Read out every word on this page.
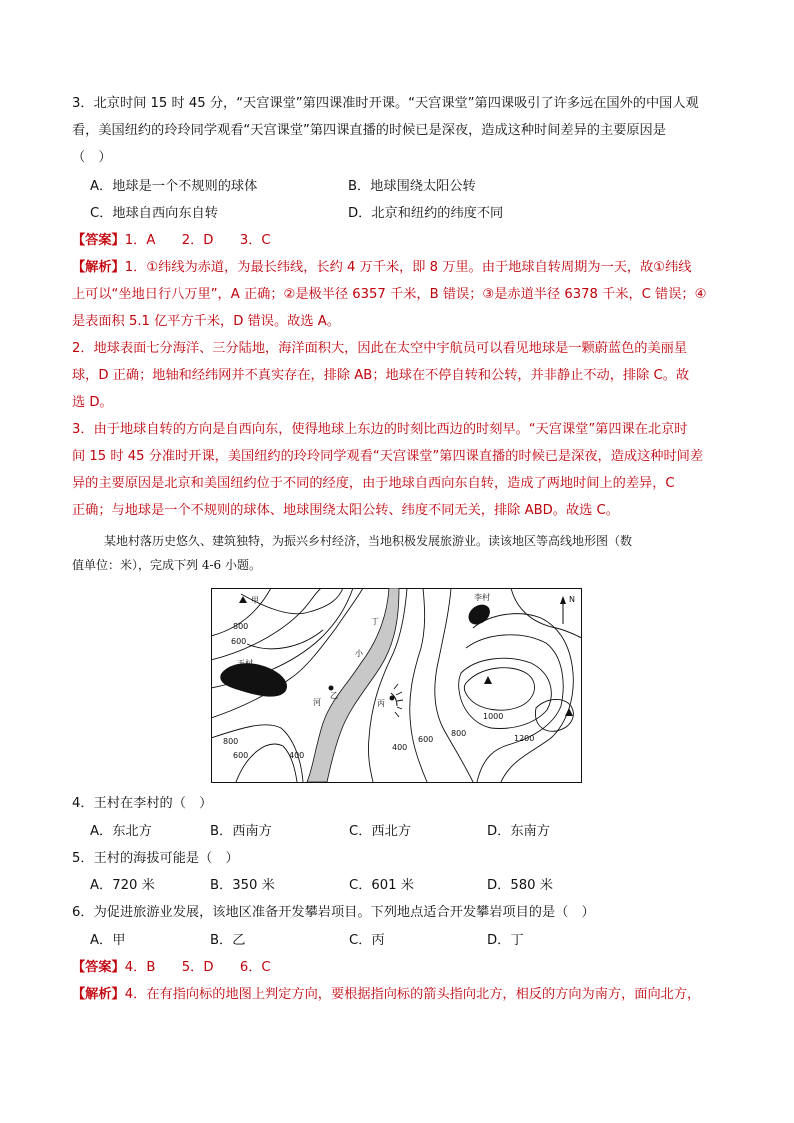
3．北京时间 15 时 45 分，“天宫课堂”第四课准时开课。“天宫课堂”第四课吸引了许多远在国外的中国人观
看，美国纽约的玲玲同学观看“天宫课堂”第四课直播的时候已是深夜，造成这种时间差异的主要原因是
（　）
A．地球是一个不规则的球体	B．地球围绕太阳公转
C．地球自西向东自转	D．北京和纽约的纬度不同
【答案】1．A　　2．D　　3．C
【解析】1．①纬线为赤道，为最长纬线，长约 4 万千米，即 8 万里。由于地球自转周期为一天，故①纬线
上可以“坐地日行八万里”，A 正确；②是极半径 6357 千米，B 错误；③是赤道半径 6378 千米，C 错误；④
是表面积 5.1 亿平方千米，D 错误。故选 A。
2．地球表面七分海洋、三分陆地，海洋面积大，因此在太空中宇航员可以看见地球是一颗蔚蓝色的美丽星
球，D 正确；地轴和经纬网并不真实存在，排除 AB；地球在不停自转和公转，并非静止不动，排除 C。故
选 D。
3．由于地球自转的方向是自西向东，使得地球上东边的时刻比西边的时刻早。“天宫课堂”第四课在北京时
间 15 时 45 分准时开课，美国纽约的玲玲同学观看“天宫课堂”第四课直播的时候已是深夜，造成这种时间差
异的主要原因是北京和美国纽约位于不同的经度，由于地球自西向东自转，造成了两地时间上的差异，C
正确；与地球是一个不规则的球体、地球围绕太阳公转、纬度不同无关，排除 ABD。故选 C。
某地村落历史悠久、建筑独特，为振兴乡村经济，当地积极发展旅游业。读该地区等高线地形图（数
值单位：米），完成下列 4-6 小题。
甲
丁
李村	N
王村
小
河
乙
丙
800
600
400
600
800
1000
1200
800
600	400
4．王村在李村的（　）
A．东北方	B．西南方	C．西北方	D．东南方
5．王村的海拔可能是（　）
A．720 米	B．350 米	C．601 米	D．580 米
6．为促进旅游业发展，该地区准备开发攀岩项目。下列地点适合开发攀岩项目的是（　）
A．甲	B．乙	C．丙	D．丁
【答案】4．B　　5．D　　6．C
【解析】4．在有指向标的地图上判定方向，要根据指向标的箭头指向北方，相反的方向为南方，面向北方，
